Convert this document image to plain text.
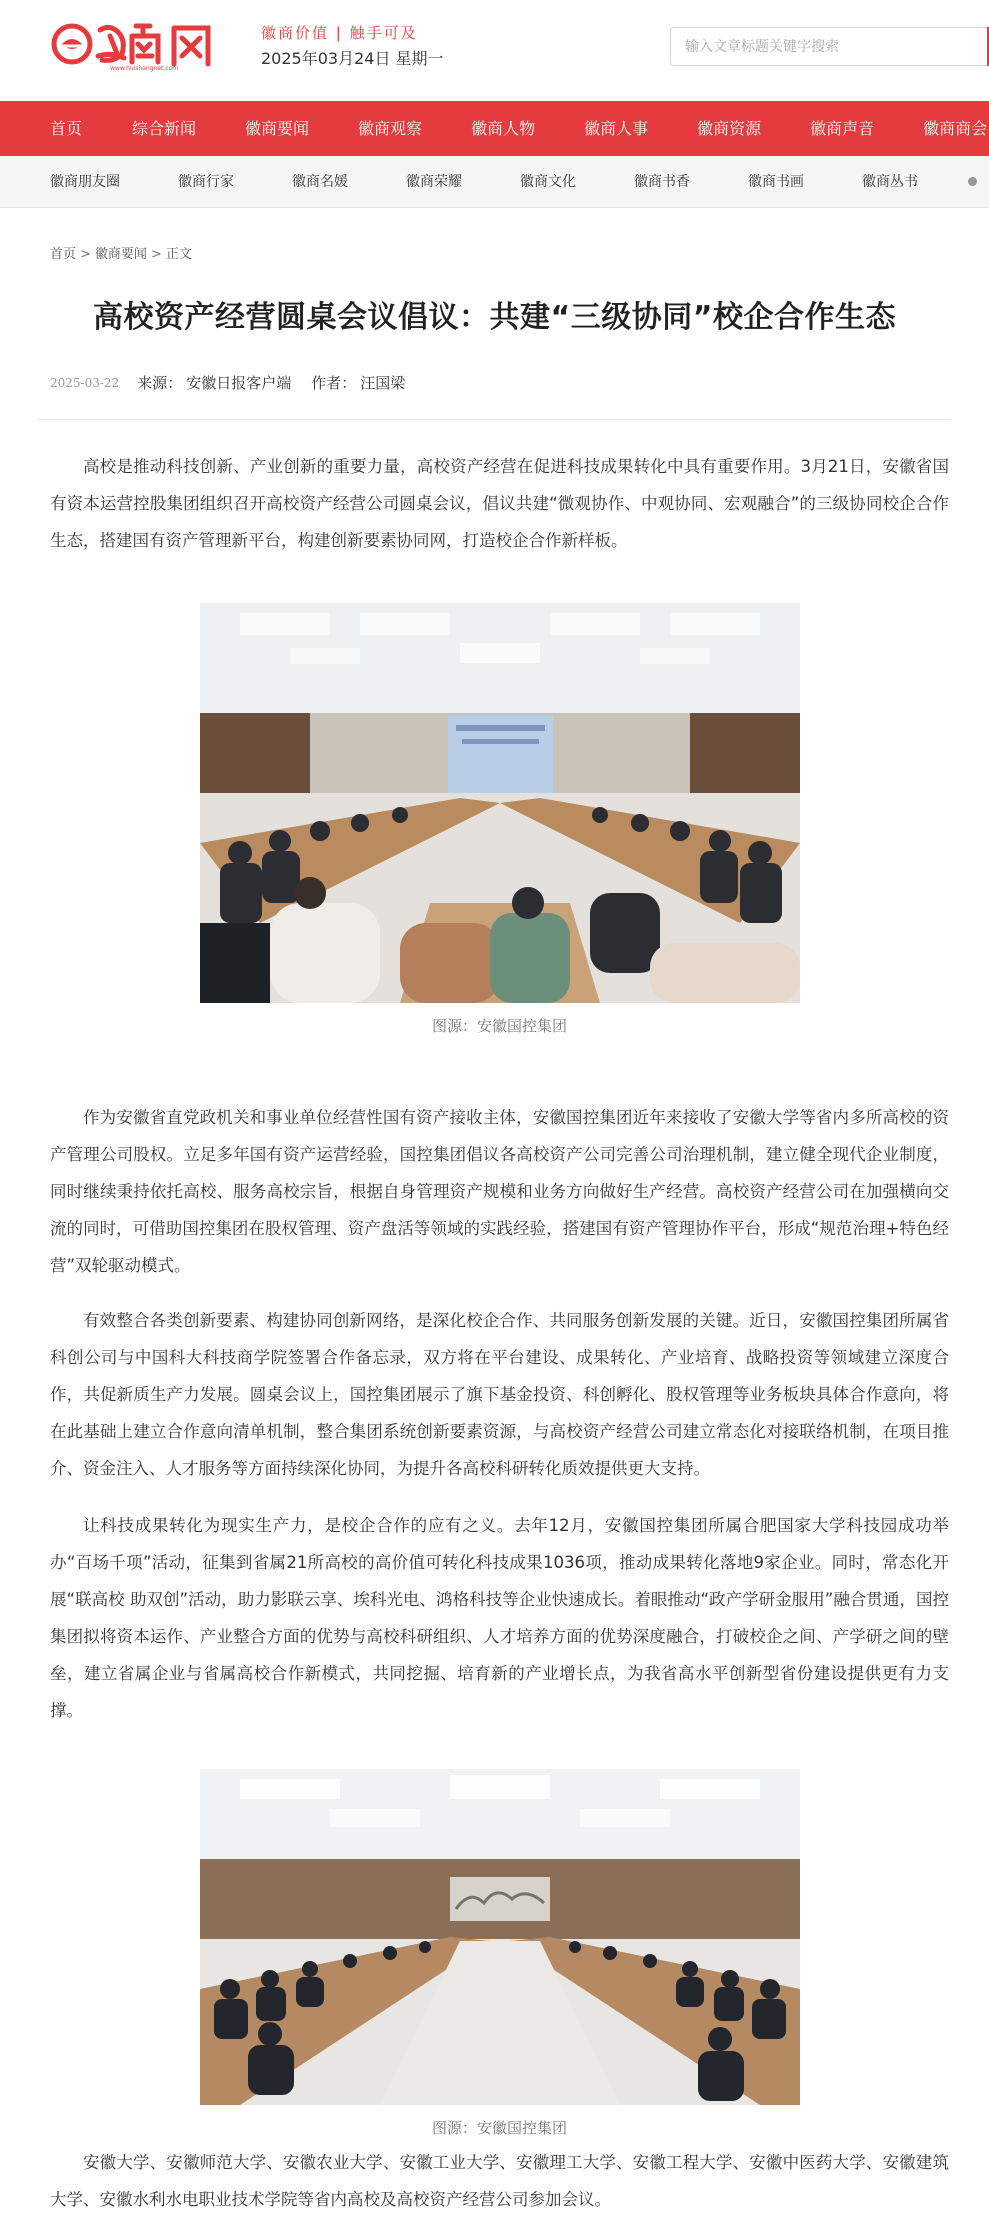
www.huishangnet.com
徽商价值 | 触手可及
2025年03月24日 星期一
输入文章标题关键字搜索
首页	综合新闻	徽商要闻	徽商观察	徽商人物	徽商人事	徽商资源	徽商声音	徽商商会
徽商朋友圈	徽商行家	徽商名媛	徽商荣耀	徽商文化	徽商书香	徽商书画	徽商丛书
首页 > 徽商要闻 > 正文
高校资产经营圆桌会议倡议：共建“三级协同”校企合作生态
2025-03-22 来源： 安徽日报客户端 作者： 汪国梁

高校是推动科技创新、产业创新的重要力量，高校资产经营在促进科技成果转化中具有重要作用。3月21日，安徽省国有资本运营控股集团组织召开高校资产经营公司圆桌会议，倡议共建“微观协作、中观协同、宏观融合”的三级协同校企合作生态，搭建国有资产管理新平台，构建创新要素协同网，打造校企合作新样板。

图源：安徽国控集团

作为安徽省直党政机关和事业单位经营性国有资产接收主体，安徽国控集团近年来接收了安徽大学等省内多所高校的资产管理公司股权。立足多年国有资产运营经验，国控集团倡议各高校资产公司完善公司治理机制，建立健全现代企业制度，同时继续秉持依托高校、服务高校宗旨，根据自身管理资产规模和业务方向做好生产经营。高校资产经营公司在加强横向交流的同时，可借助国控集团在股权管理、资产盘活等领域的实践经验，搭建国有资产管理协作平台，形成“规范治理+特色经营”双轮驱动模式。

有效整合各类创新要素、构建协同创新网络，是深化校企合作、共同服务创新发展的关键。近日，安徽国控集团所属省科创公司与中国科大科技商学院签署合作备忘录，双方将在平台建设、成果转化、产业培育、战略投资等领域建立深度合作，共促新质生产力发展。圆桌会议上，国控集团展示了旗下基金投资、科创孵化、股权管理等业务板块具体合作意向，将在此基础上建立合作意向清单机制，整合集团系统创新要素资源，与高校资产经营公司建立常态化对接联络机制，在项目推介、资金注入、人才服务等方面持续深化协同，为提升各高校科研转化质效提供更大支持。

让科技成果转化为现实生产力，是校企合作的应有之义。去年12月，安徽国控集团所属合肥国家大学科技园成功举办“百场千项”活动，征集到省属21所高校的高价值可转化科技成果1036项，推动成果转化落地9家企业。同时，常态化开展“联高校 助双创”活动，助力影联云享、埃科光电、鸿格科技等企业快速成长。着眼推动“政产学研金服用”融合贯通，国控集团拟将资本运作、产业整合方面的优势与高校科研组织、人才培养方面的优势深度融合，打破校企之间、产学研之间的壁垒，建立省属企业与省属高校合作新模式，共同挖掘、培育新的产业增长点，为我省高水平创新型省份建设提供更有力支撑。

图源：安徽国控集团

安徽大学、安徽师范大学、安徽农业大学、安徽工业大学、安徽理工大学、安徽工程大学、安徽中医药大学、安徽建筑大学、安徽水利水电职业技术学院等省内高校及高校资产经营公司参加会议。
